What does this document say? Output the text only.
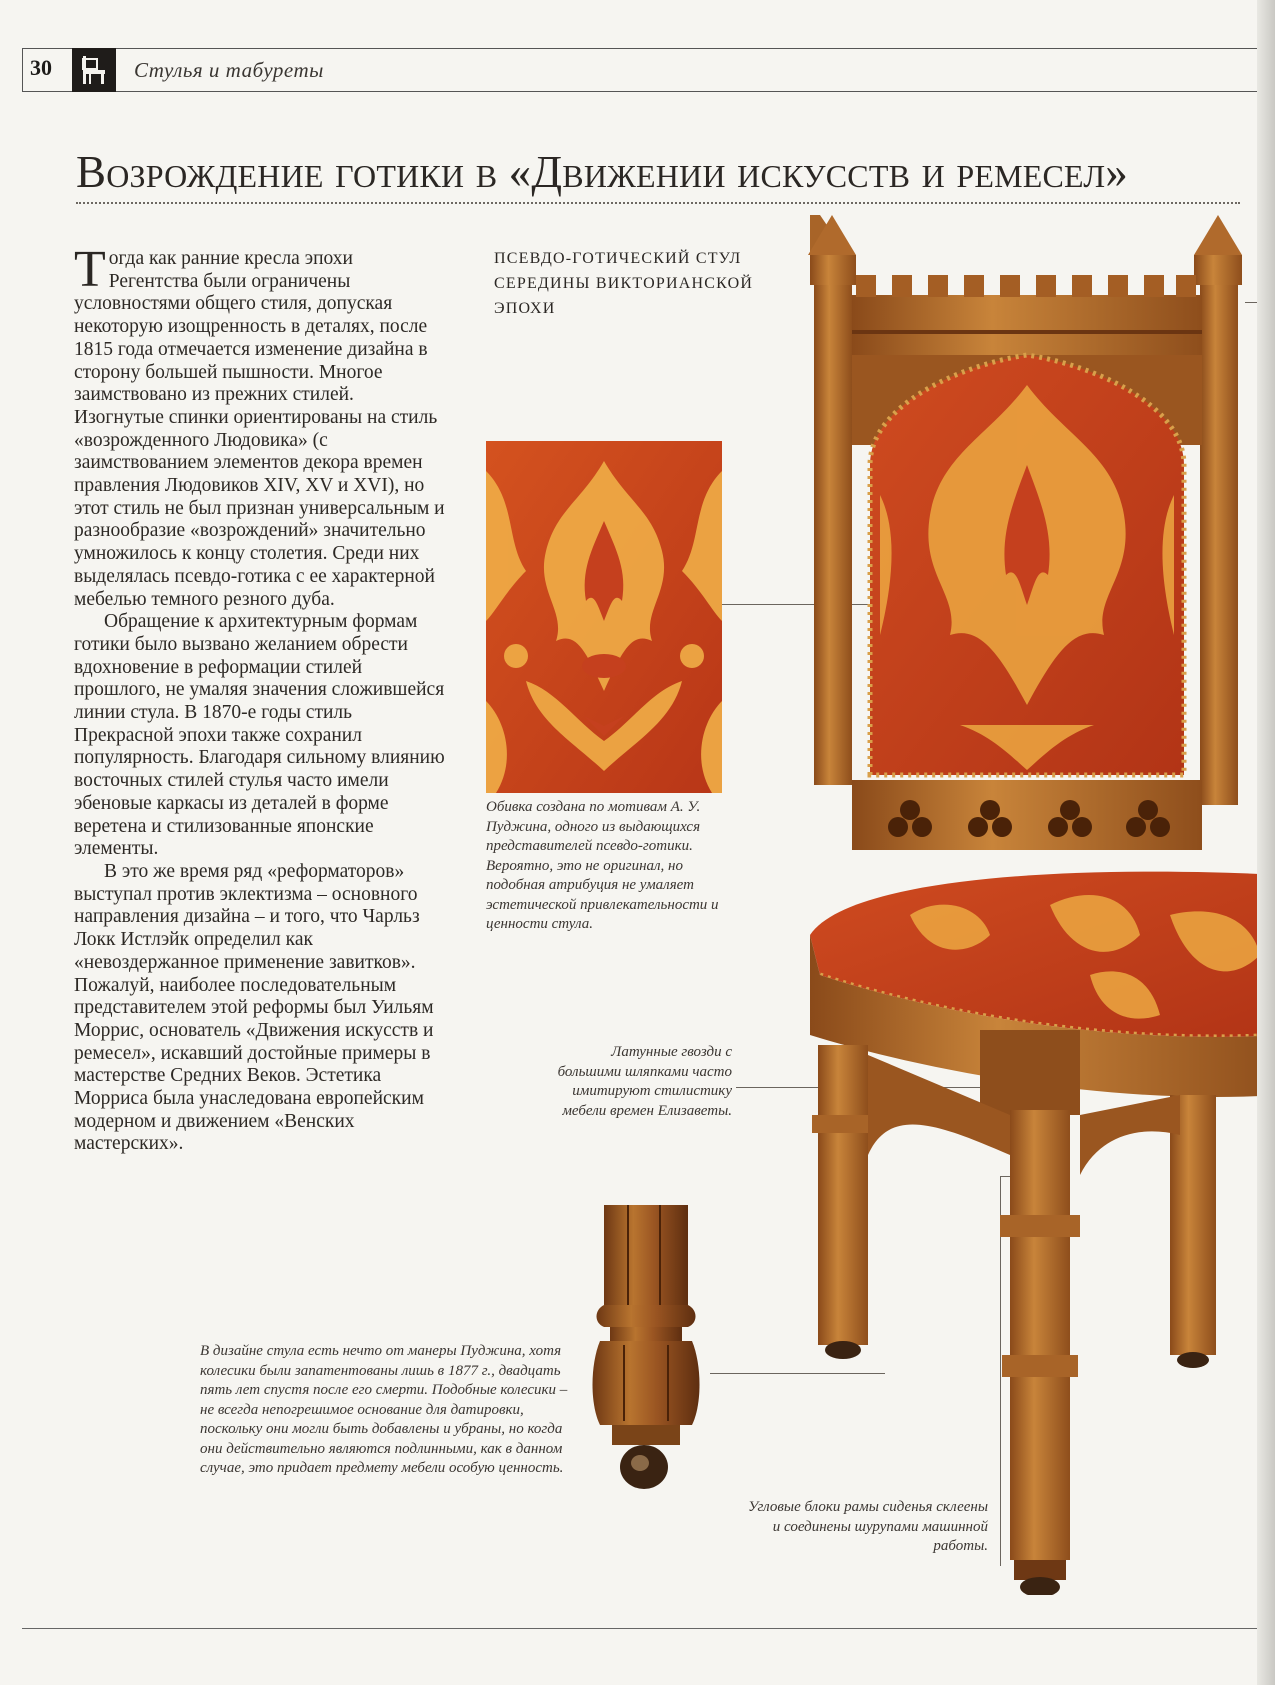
30	Стулья и табуреты
Возрождение готики в «Движении искусств и ремесел»

Тогда как ранние кресла эпохи Регентства были ограничены условностями общего стиля, допуская некоторую изощренность в деталях, после 1815 года отмечается изменение дизайна в сторону большей пышности. Многое заимствовано из прежних стилей. Изогнутые спинки ориентированы на стиль «возрожденного Людовика» (с заимствованием элементов декора времен правления Людовиков XIV, XV и XVI), но этот стиль не был признан универсальным и разнообразие «возрождений» значительно умножилось к концу столетия. Среди них выделялась псевдо-готика с ее характерной мебелью темного резного дуба.

Обращение к архитектурным формам готики было вызвано желанием обрести вдохновение в реформации стилей прошлого, не умаляя значения сложившейся линии стула. В 1870-е годы стиль Прекрасной эпохи также сохранил популярность. Благодаря сильному влиянию восточных стилей стулья часто имели эбеновые каркасы из деталей в форме веретена и стилизованные японские элементы.

В это же время ряд «реформаторов» выступал против эклектизма – основного направления дизайна – и того, что Чарльз Локк Истлэйк определил как «невоздержанное применение завитков». Пожалуй, наиболее последовательным представителем этой реформы был Уильям Моррис, основатель «Движения искусств и ремесел», искавший достойные примеры в мастерстве Средних Веков. Эстетика Морриса была унаследована европейским модерном и движением «Венских мастерских».

ПСЕВДО-ГОТИЧЕСКИЙ СТУЛ СЕРЕДИНЫ ВИКТОРИАНСКОЙ ЭПОХИ
Обивка создана по мотивам А. У. Пуджина, одного из выдающихся представителей псевдо-готики. Вероятно, это не оригинал, но подобная атрибуция не умаляет эстетической привлекательности и ценности стула.
Латунные гвозди с большими шляпками часто имитируют стилистику мебели времен Елизаветы.
В дизайне стула есть нечто от манеры Пуджина, хотя колесики были запатентованы лишь в 1877 г., двадцать пять лет спустя после его смерти. Подобные колесики – не всегда непогрешимое основание для датировки, поскольку они могли быть добавлены и убраны, но когда они действительно являются подлинными, как в данном случае, это придает предмету мебели особую ценность.
Угловые блоки рамы сиденья склеены и соединены шурупами машинной работы.
